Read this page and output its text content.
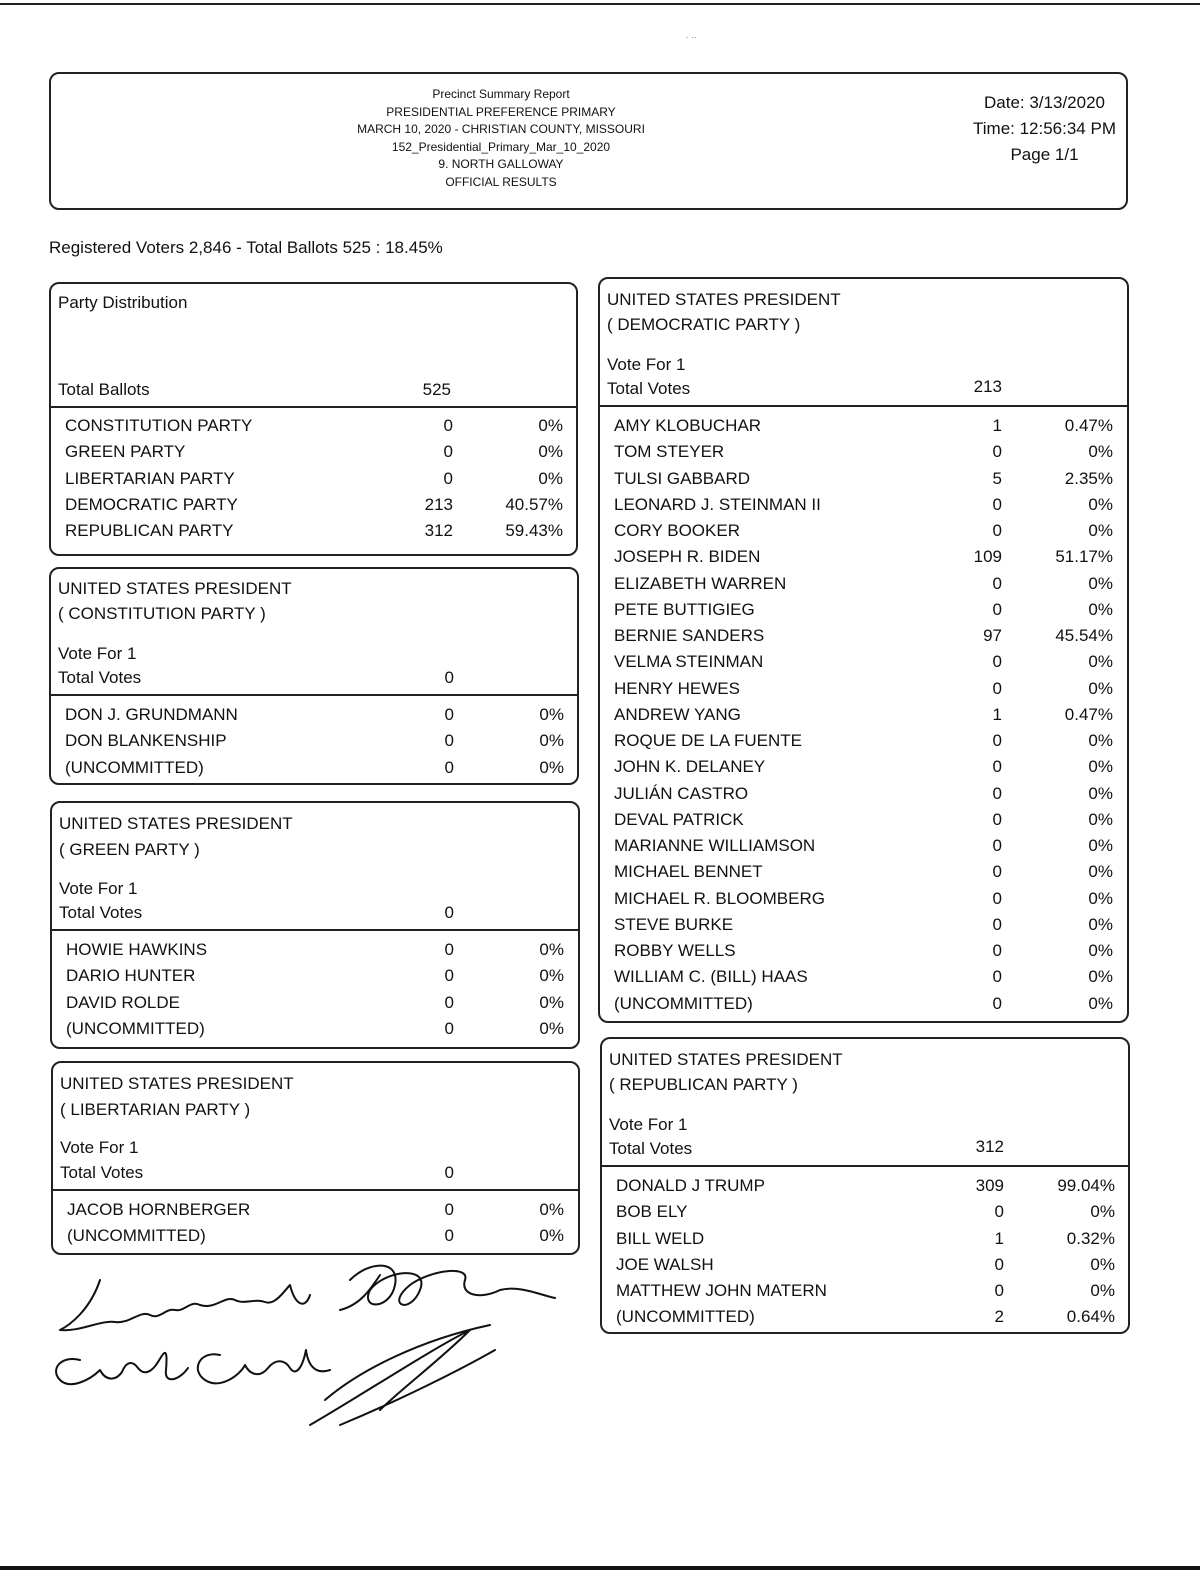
˙ ˙˙
Precinct Summary Report
PRESIDENTIAL PREFERENCE PRIMARY
MARCH 10, 2020 - CHRISTIAN COUNTY, MISSOURI
152_Presidential_Primary_Mar_10_2020
9. NORTH GALLOWAY
OFFICIAL RESULTS
Date: 3/13/2020
Time: 12:56:34 PM
Page 1/1
Registered Voters 2,846 - Total Ballots 525 : 18.45%
Party Distribution
Total Ballots	525
CONSTITUTION PARTY	0	0%
GREEN PARTY	0	0%
LIBERTARIAN PARTY	0	0%
DEMOCRATIC PARTY	213	40.57%
REPUBLICAN PARTY	312	59.43%
UNITED STATES PRESIDENT
( CONSTITUTION PARTY )
Vote For 1
Total Votes	0
DON J. GRUNDMANN	0	0%
DON BLANKENSHIP	0	0%
(UNCOMMITTED)	0	0%
UNITED STATES PRESIDENT
( GREEN PARTY )
Vote For 1
Total Votes	0
HOWIE HAWKINS	0	0%
DARIO HUNTER	0	0%
DAVID ROLDE	0	0%
(UNCOMMITTED)	0	0%
UNITED STATES PRESIDENT
( LIBERTARIAN PARTY )
Vote For 1
Total Votes	0
JACOB HORNBERGER	0	0%
(UNCOMMITTED)	0	0%
UNITED STATES PRESIDENT
( DEMOCRATIC PARTY )
Vote For 1
Total Votes	213
AMY KLOBUCHAR	1	0.47%
TOM STEYER	0	0%
TULSI GABBARD	5	2.35%
LEONARD J. STEINMAN II	0	0%
CORY BOOKER	0	0%
JOSEPH R. BIDEN	109	51.17%
ELIZABETH WARREN	0	0%
PETE BUTTIGIEG	0	0%
BERNIE SANDERS	97	45.54%
VELMA STEINMAN	0	0%
HENRY HEWES	0	0%
ANDREW YANG	1	0.47%
ROQUE DE LA FUENTE	0	0%
JOHN K. DELANEY	0	0%
JULIÁN CASTRO	0	0%
DEVAL PATRICK	0	0%
MARIANNE WILLIAMSON	0	0%
MICHAEL BENNET	0	0%
MICHAEL R. BLOOMBERG	0	0%
STEVE BURKE	0	0%
ROBBY WELLS	0	0%
WILLIAM C. (BILL) HAAS	0	0%
(UNCOMMITTED)	0	0%
UNITED STATES PRESIDENT
( REPUBLICAN PARTY )
Vote For 1
Total Votes	312
DONALD J TRUMP	309	99.04%
BOB ELY	0	0%
BILL WELD	1	0.32%
JOE WALSH	0	0%
MATTHEW JOHN MATERN	0	0%
(UNCOMMITTED)	2	0.64%
